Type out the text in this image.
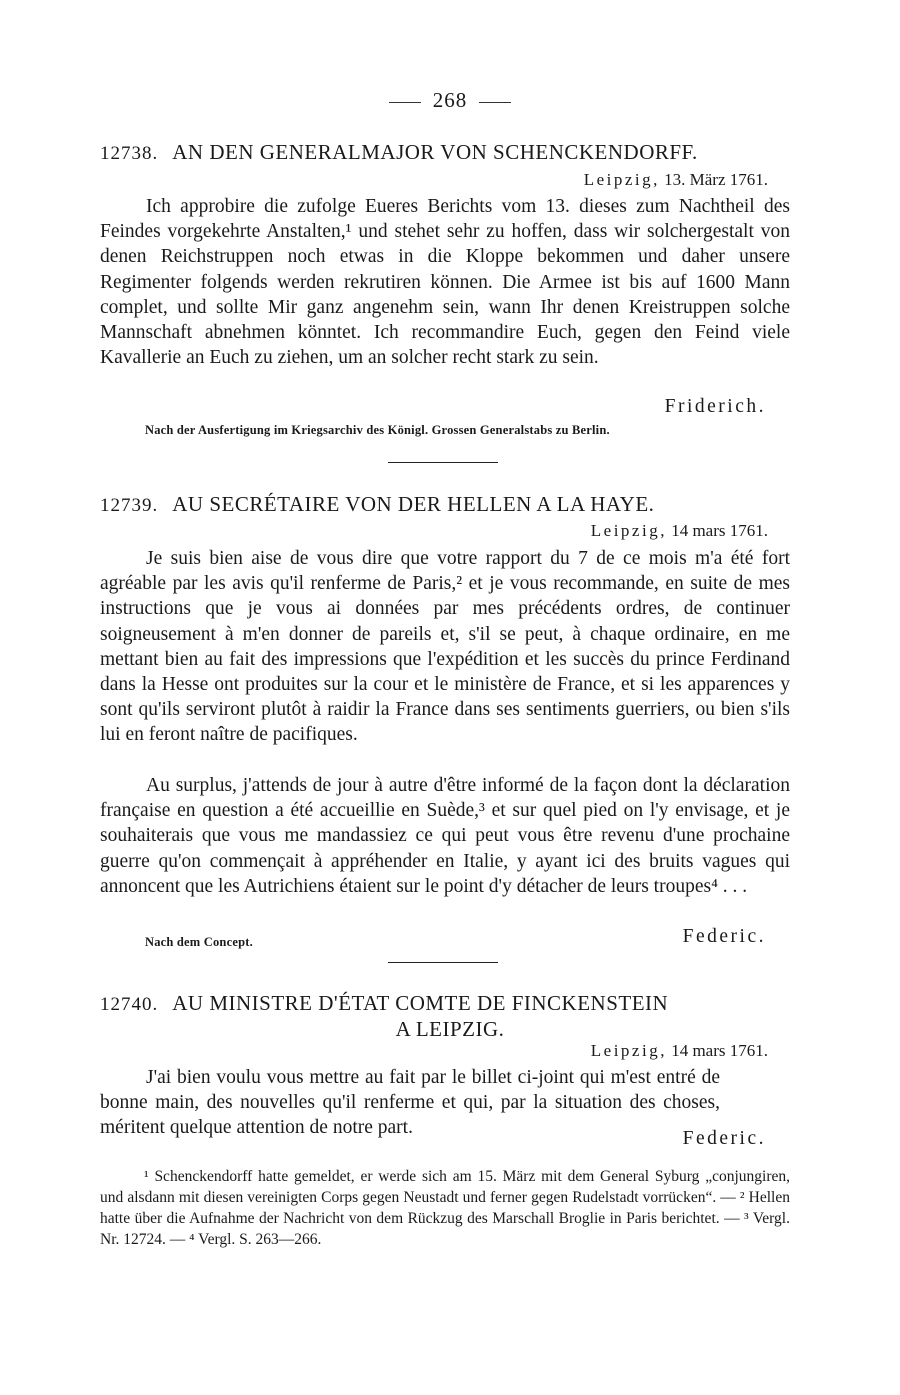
268
12738. AN DEN GENERALMAJOR VON SCHENCKENDORFF.
Leipzig, 13. März 1761.

Ich approbire die zufolge Eueres Berichts vom 13. dieses zum Nachtheil des Feindes vorgekehrte Anstalten,¹ und stehet sehr zu hoffen, dass wir solchergestalt von denen Reichstruppen noch etwas in die Kloppe bekommen und daher unsere Regimenter folgends werden rekrutiren können. Die Armee ist bis auf 1600 Mann complet, und sollte Mir ganz angenehm sein, wann Ihr denen Kreistruppen solche Mannschaft abnehmen könntet. Ich recommandire Euch, gegen den Feind viele Kavallerie an Euch zu ziehen, um an solcher recht stark zu sein.

Friderich.
Nach der Ausfertigung im Kriegsarchiv des Königl. Grossen Generalstabs zu Berlin.
12739. AU SECRÉTAIRE VON DER HELLEN A LA HAYE.
Leipzig, 14 mars 1761.

Je suis bien aise de vous dire que votre rapport du 7 de ce mois m'a été fort agréable par les avis qu'il renferme de Paris,² et je vous recommande, en suite de mes instructions que je vous ai données par mes précédents ordres, de continuer soigneusement à m'en donner de pareils et, s'il se peut, à chaque ordinaire, en me mettant bien au fait des impressions que l'expédition et les succès du prince Ferdinand dans la Hesse ont produites sur la cour et le ministère de France, et si les apparences y sont qu'ils serviront plutôt à raidir la France dans ses sentiments guerriers, ou bien s'ils lui en feront naître de pacifiques.

Au surplus, j'attends de jour à autre d'être informé de la façon dont la déclaration française en question a été accueillie en Suède,³ et sur quel pied on l'y envisage, et je souhaiterais que vous me mandassiez ce qui peut vous être revenu d'une prochaine guerre qu'on commençait à appréhender en Italie, y ayant ici des bruits vagues qui annoncent que les Autrichiens étaient sur le point d'y détacher de leurs troupes⁴ . . .

Nach dem Concept.	Federic.
12740. AU MINISTRE D'ÉTAT COMTE DE FINCKENSTEIN
A LEIPZIG.
Leipzig, 14 mars 1761.

J'ai bien voulu vous mettre au fait par le billet ci-joint qui m'est entré de bonne main, des nouvelles qu'il renferme et qui, par la situation des choses, méritent quelque attention de notre part.

Federic.

¹ Schenckendorff hatte gemeldet, er werde sich am 15. März mit dem General Syburg „conjungiren, und alsdann mit diesen vereinigten Corps gegen Neustadt und ferner gegen Rudelstadt vorrücken“. — ² Hellen hatte über die Aufnahme der Nachricht von dem Rückzug des Marschall Broglie in Paris berichtet. — ³ Vergl. Nr. 12724. — ⁴ Vergl. S. 263—266.
